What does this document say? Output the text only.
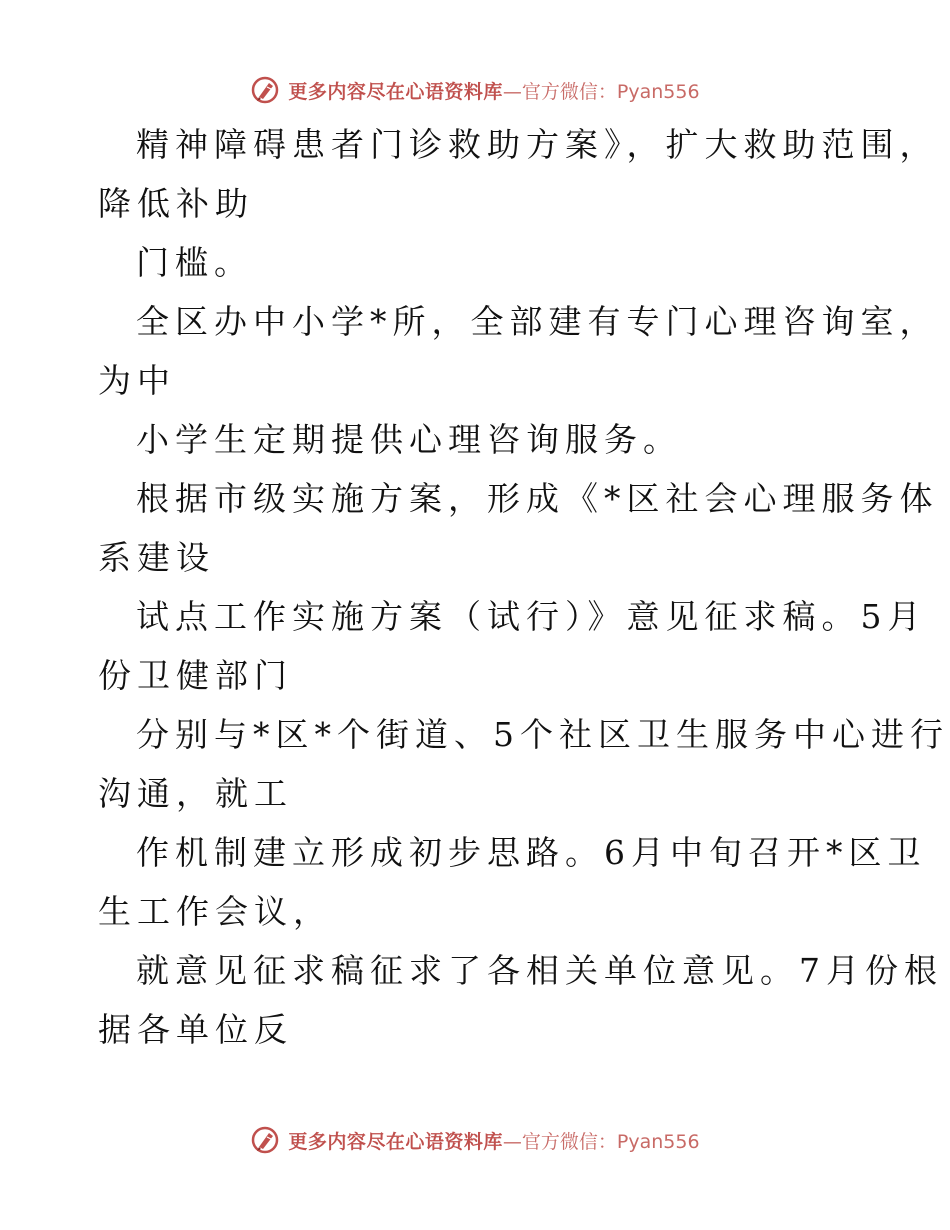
更多内容尽在心语资料库 —官方微信：Pyan556

精神障碍患者门诊救助方案》，扩大救助范围，

降低补助

门槛。

全区办中小学*所，全部建有专门心理咨询室，

为中

小学生定期提供心理咨询服务。

根据市级实施方案，形成《*区社会心理服务体

系建设

试点工作实施方案（试行）》意见征求稿。5月

份卫健部门

分别与*区*个街道、5个社区卫生服务中心进行

沟通，就工

作机制建立形成初步思路。6月中旬召开*区卫

生工作会议，

就意见征求稿征求了各相关单位意见。7月份根

据各单位反

更多内容尽在心语资料库 —官方微信：Pyan556
